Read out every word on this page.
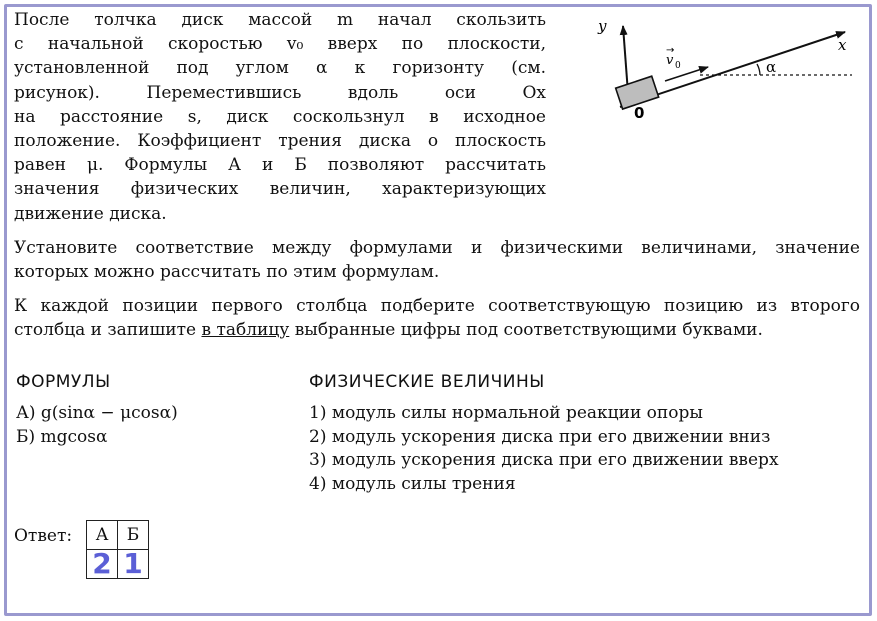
После толчка диск массой m начал скользить
с начальной скоростью v₀ вверх по плоскости,
установленной под углом α к горизонту (см.
рисунок). Переместившись вдоль оси Ox
на расстояние s, диск соскользнул в исходное
положение. Коэффициент трения диска о плоскость
равен μ. Формулы А и Б позволяют рассчитать
значения физических величин, характеризующих
движение диска.
y
x
v
→
0	α
0
Установите соответствие между формулами и физическими величинами, значение
которых можно рассчитать по этим формулам.
К каждой позиции первого столбца подберите соответствующую позицию из второго
столбца и запишите в таблицу выбранные цифры под соответствующими буквами.
ФОРМУЛЫ	ФИЗИЧЕСКИЕ ВЕЛИЧИНЫ
А) g(sinα − μcosα)
Б) mgcosα
1) модуль силы нормальной реакции опоры
2) модуль ускорения диска при его движении вниз
3) модуль ускорения диска при его движении вверх
4) модуль силы трения
Ответ: А	Б
2	1
